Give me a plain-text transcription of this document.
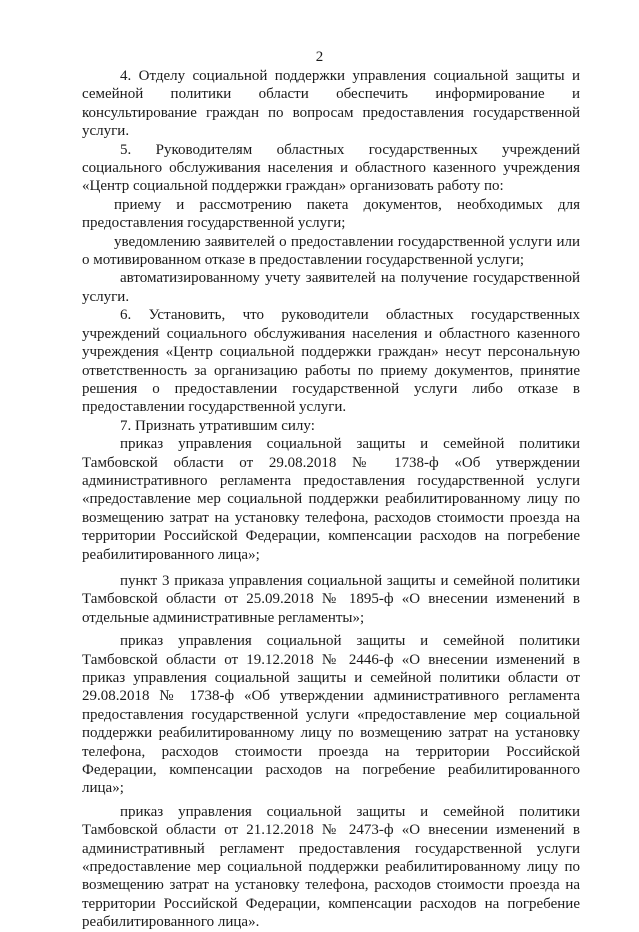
2

4. Отделу социальной поддержки управления социальной защиты и семейной политики области обеспечить информирование и консультирование граждан по вопросам предоставления государственной услуги.

5. Руководителям областных государственных учреждений социального обслуживания населения и областного казенного учреждения «Центр социальной поддержки граждан» организовать работу по:

приему и рассмотрению пакета документов, необходимых для предоставления государственной услуги;

уведомлению заявителей о предоставлении государственной услуги или о мотивированном отказе в предоставлении государственной услуги;

автоматизированному учету заявителей на получение государственной услуги.

6. Установить, что руководители областных государственных учреждений социального обслуживания населения и областного казенного учреждения «Центр социальной поддержки граждан» несут персональную ответственность за организацию работы по приему документов, принятие решения о предоставлении государственной услуги либо отказе в предоставлении государственной услуги.

7. Признать утратившим силу:

приказ управления социальной защиты и семейной политики Тамбовской области от 29.08.2018 № 1738-ф «Об утверждении административного регламента предоставления государственной услуги «предоставление мер социальной поддержки реабилитированному лицу по возмещению затрат на установку телефона, расходов стоимости проезда на территории Российской Федерации, компенсации расходов на погребение реабилитированного лица»;

пункт 3 приказа управления социальной защиты и семейной политики Тамбовской области от 25.09.2018 № 1895-ф «О внесении изменений в отдельные административные регламенты»;

приказ управления социальной защиты и семейной политики Тамбовской области от 19.12.2018 № 2446-ф «О внесении изменений в приказ управления социальной защиты и семейной политики области от 29.08.2018 № 1738-ф «Об утверждении административного регламента предоставления государственной услуги «предоставление мер социальной поддержки реабилитированному лицу по возмещению затрат на установку телефона, расходов стоимости проезда на территории Российской Федерации, компенсации расходов на погребение реабилитированного лица»;

приказ управления социальной защиты и семейной политики Тамбовской области от 21.12.2018 № 2473-ф «О внесении изменений в административный регламент предоставления государственной услуги «предоставление мер социальной поддержки реабилитированному лицу по возмещению затрат на установку телефона, расходов стоимости проезда на территории Российской Федерации, компенсации расходов на погребение реабилитированного лица».
